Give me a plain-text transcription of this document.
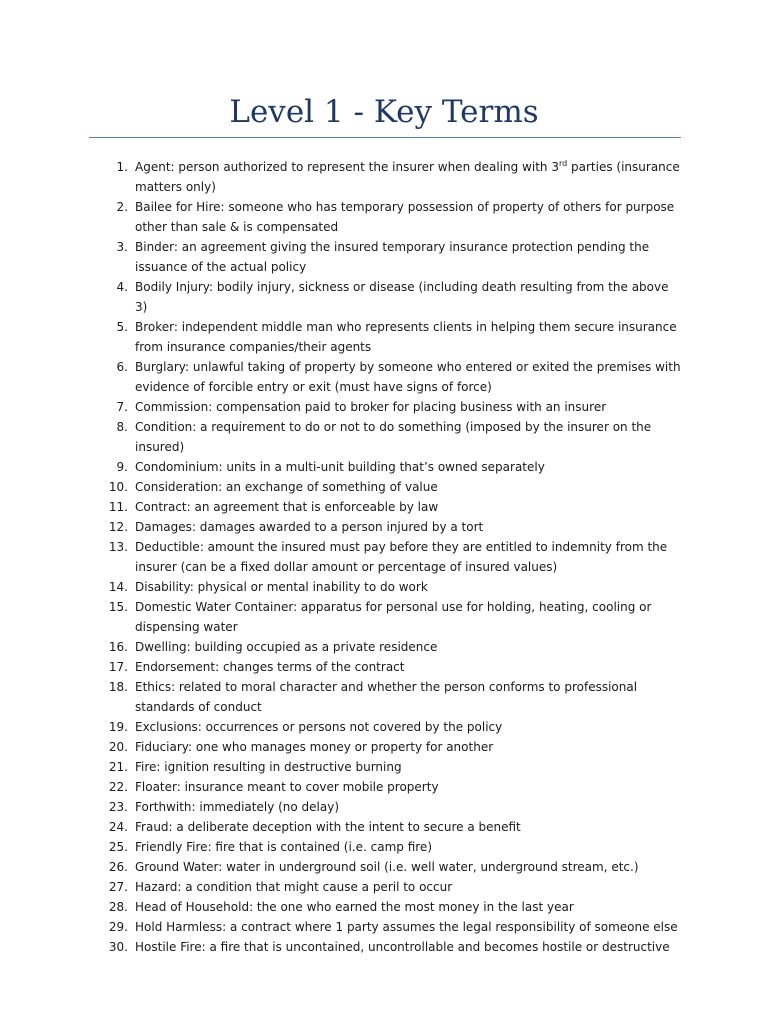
Level 1 - Key Terms
1. Agent: person authorized to represent the insurer when dealing with 3rd parties (insurance matters only)
2. Bailee for Hire: someone who has temporary possession of property of others for purpose other than sale & is compensated
3. Binder: an agreement giving the insured temporary insurance protection pending the issuance of the actual policy
4. Bodily Injury: bodily injury, sickness or disease (including death resulting from the above 3)
5. Broker: independent middle man who represents clients in helping them secure insurance from insurance companies/their agents
6. Burglary: unlawful taking of property by someone who entered or exited the premises with evidence of forcible entry or exit (must have signs of force)
7. Commission: compensation paid to broker for placing business with an insurer
8. Condition: a requirement to do or not to do something (imposed by the insurer on the insured)
9. Condominium: units in a multi-unit building that’s owned separately
10. Consideration: an exchange of something of value
11. Contract: an agreement that is enforceable by law
12. Damages: damages awarded to a person injured by a tort
13. Deductible: amount the insured must pay before they are entitled to indemnity from the insurer (can be a fixed dollar amount or percentage of insured values)
14. Disability: physical or mental inability to do work
15. Domestic Water Container: apparatus for personal use for holding, heating, cooling or dispensing water
16. Dwelling: building occupied as a private residence
17. Endorsement: changes terms of the contract
18. Ethics: related to moral character and whether the person conforms to professional standards of conduct
19. Exclusions: occurrences or persons not covered by the policy
20. Fiduciary: one who manages money or property for another
21. Fire: ignition resulting in destructive burning
22. Floater: insurance meant to cover mobile property
23. Forthwith: immediately (no delay)
24. Fraud: a deliberate deception with the intent to secure a benefit
25. Friendly Fire: fire that is contained (i.e. camp fire)
26. Ground Water: water in underground soil (i.e. well water, underground stream, etc.)
27. Hazard: a condition that might cause a peril to occur
28. Head of Household: the one who earned the most money in the last year
29. Hold Harmless: a contract where 1 party assumes the legal responsibility of someone else
30. Hostile Fire: a fire that is uncontained, uncontrollable and becomes hostile or destructive
